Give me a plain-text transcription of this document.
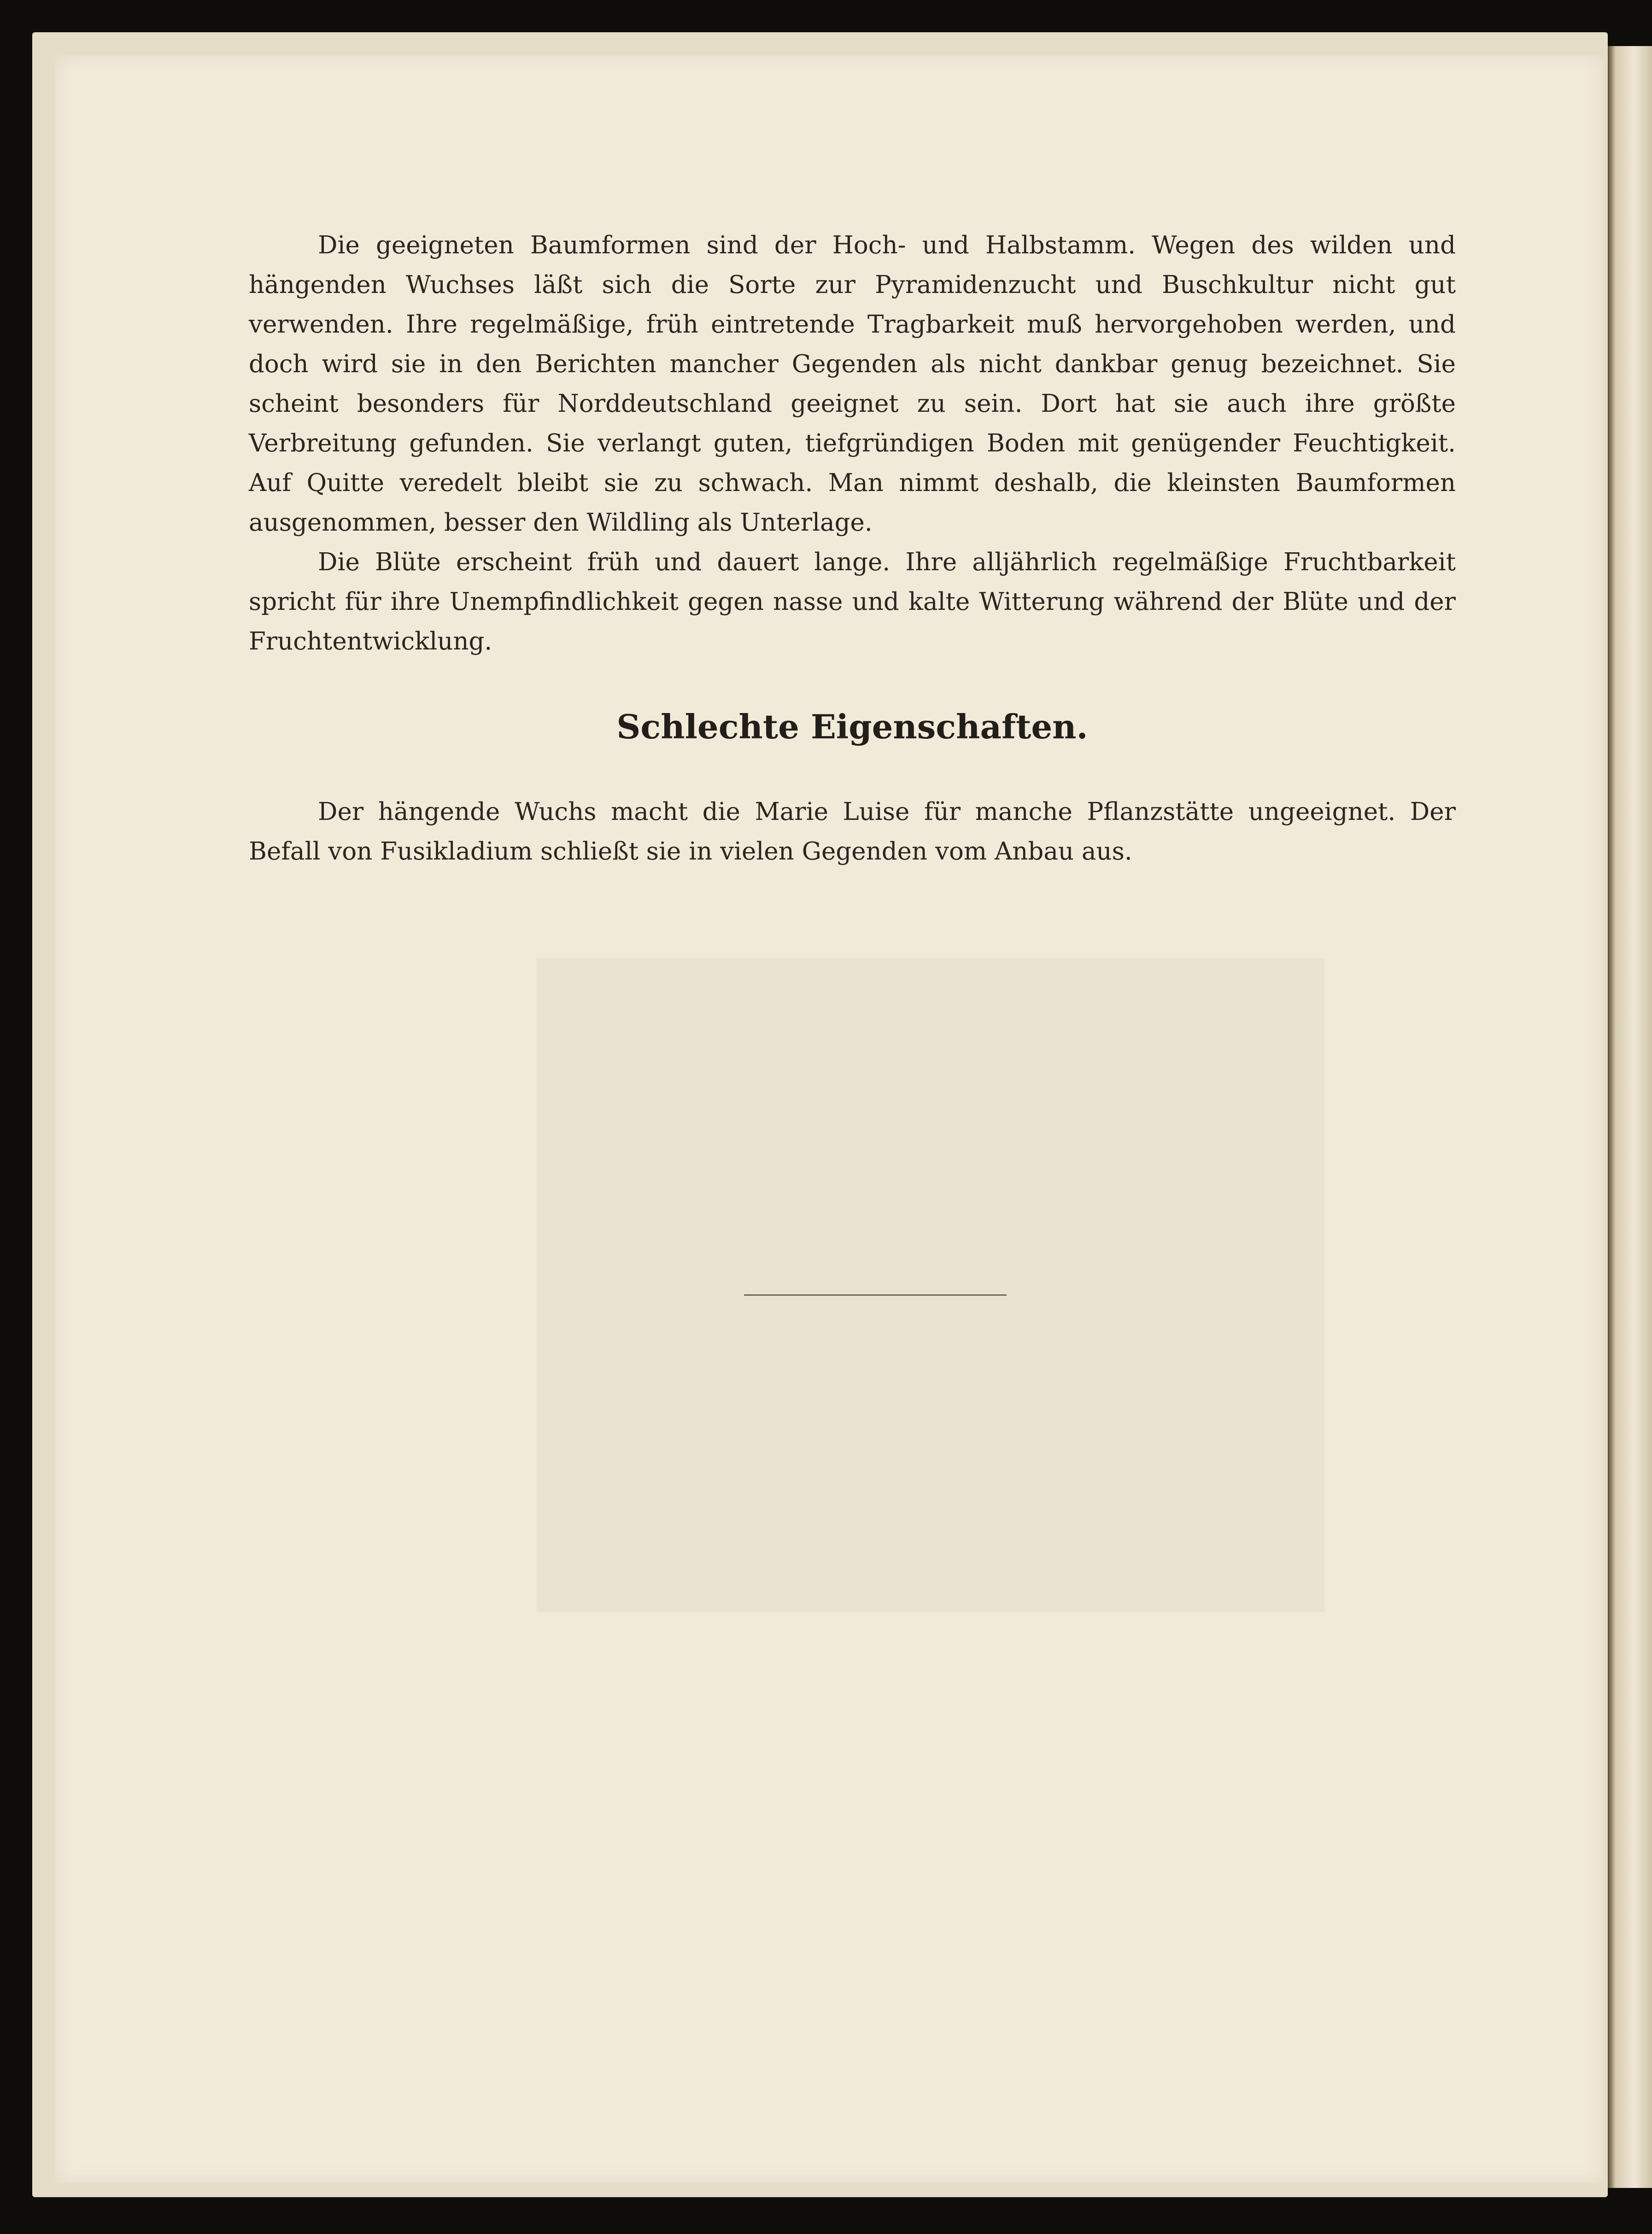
Die geeigneten Baumformen sind der Hoch- und Halbstamm. Wegen des wilden und hängenden Wuchses läßt sich die Sorte zur Pyramidenzucht und Buschkultur nicht gut verwenden. Ihre regelmäßige, früh eintretende Tragbarkeit muß hervorgehoben werden, und doch wird sie in den Berichten mancher Gegenden als nicht dankbar genug bezeichnet. Sie scheint besonders für Norddeutschland geeignet zu sein. Dort hat sie auch ihre größte Verbreitung gefunden. Sie verlangt guten, tiefgründigen Boden mit genügender Feuchtigkeit. Auf Quitte veredelt bleibt sie zu schwach. Man nimmt deshalb, die kleinsten Baumformen ausgenommen, besser den Wildling als Unterlage.

Die Blüte erscheint früh und dauert lange. Ihre alljährlich regelmäßige Fruchtbarkeit spricht für ihre Unempfindlichkeit gegen nasse und kalte Witterung während der Blüte und der Fruchtentwicklung.

Schlechte Eigenschaften.

Der hängende Wuchs macht die Marie Luise für manche Pflanzstätte ungeeignet. Der Befall von Fusikladium schließt sie in vielen Gegenden vom Anbau aus.
